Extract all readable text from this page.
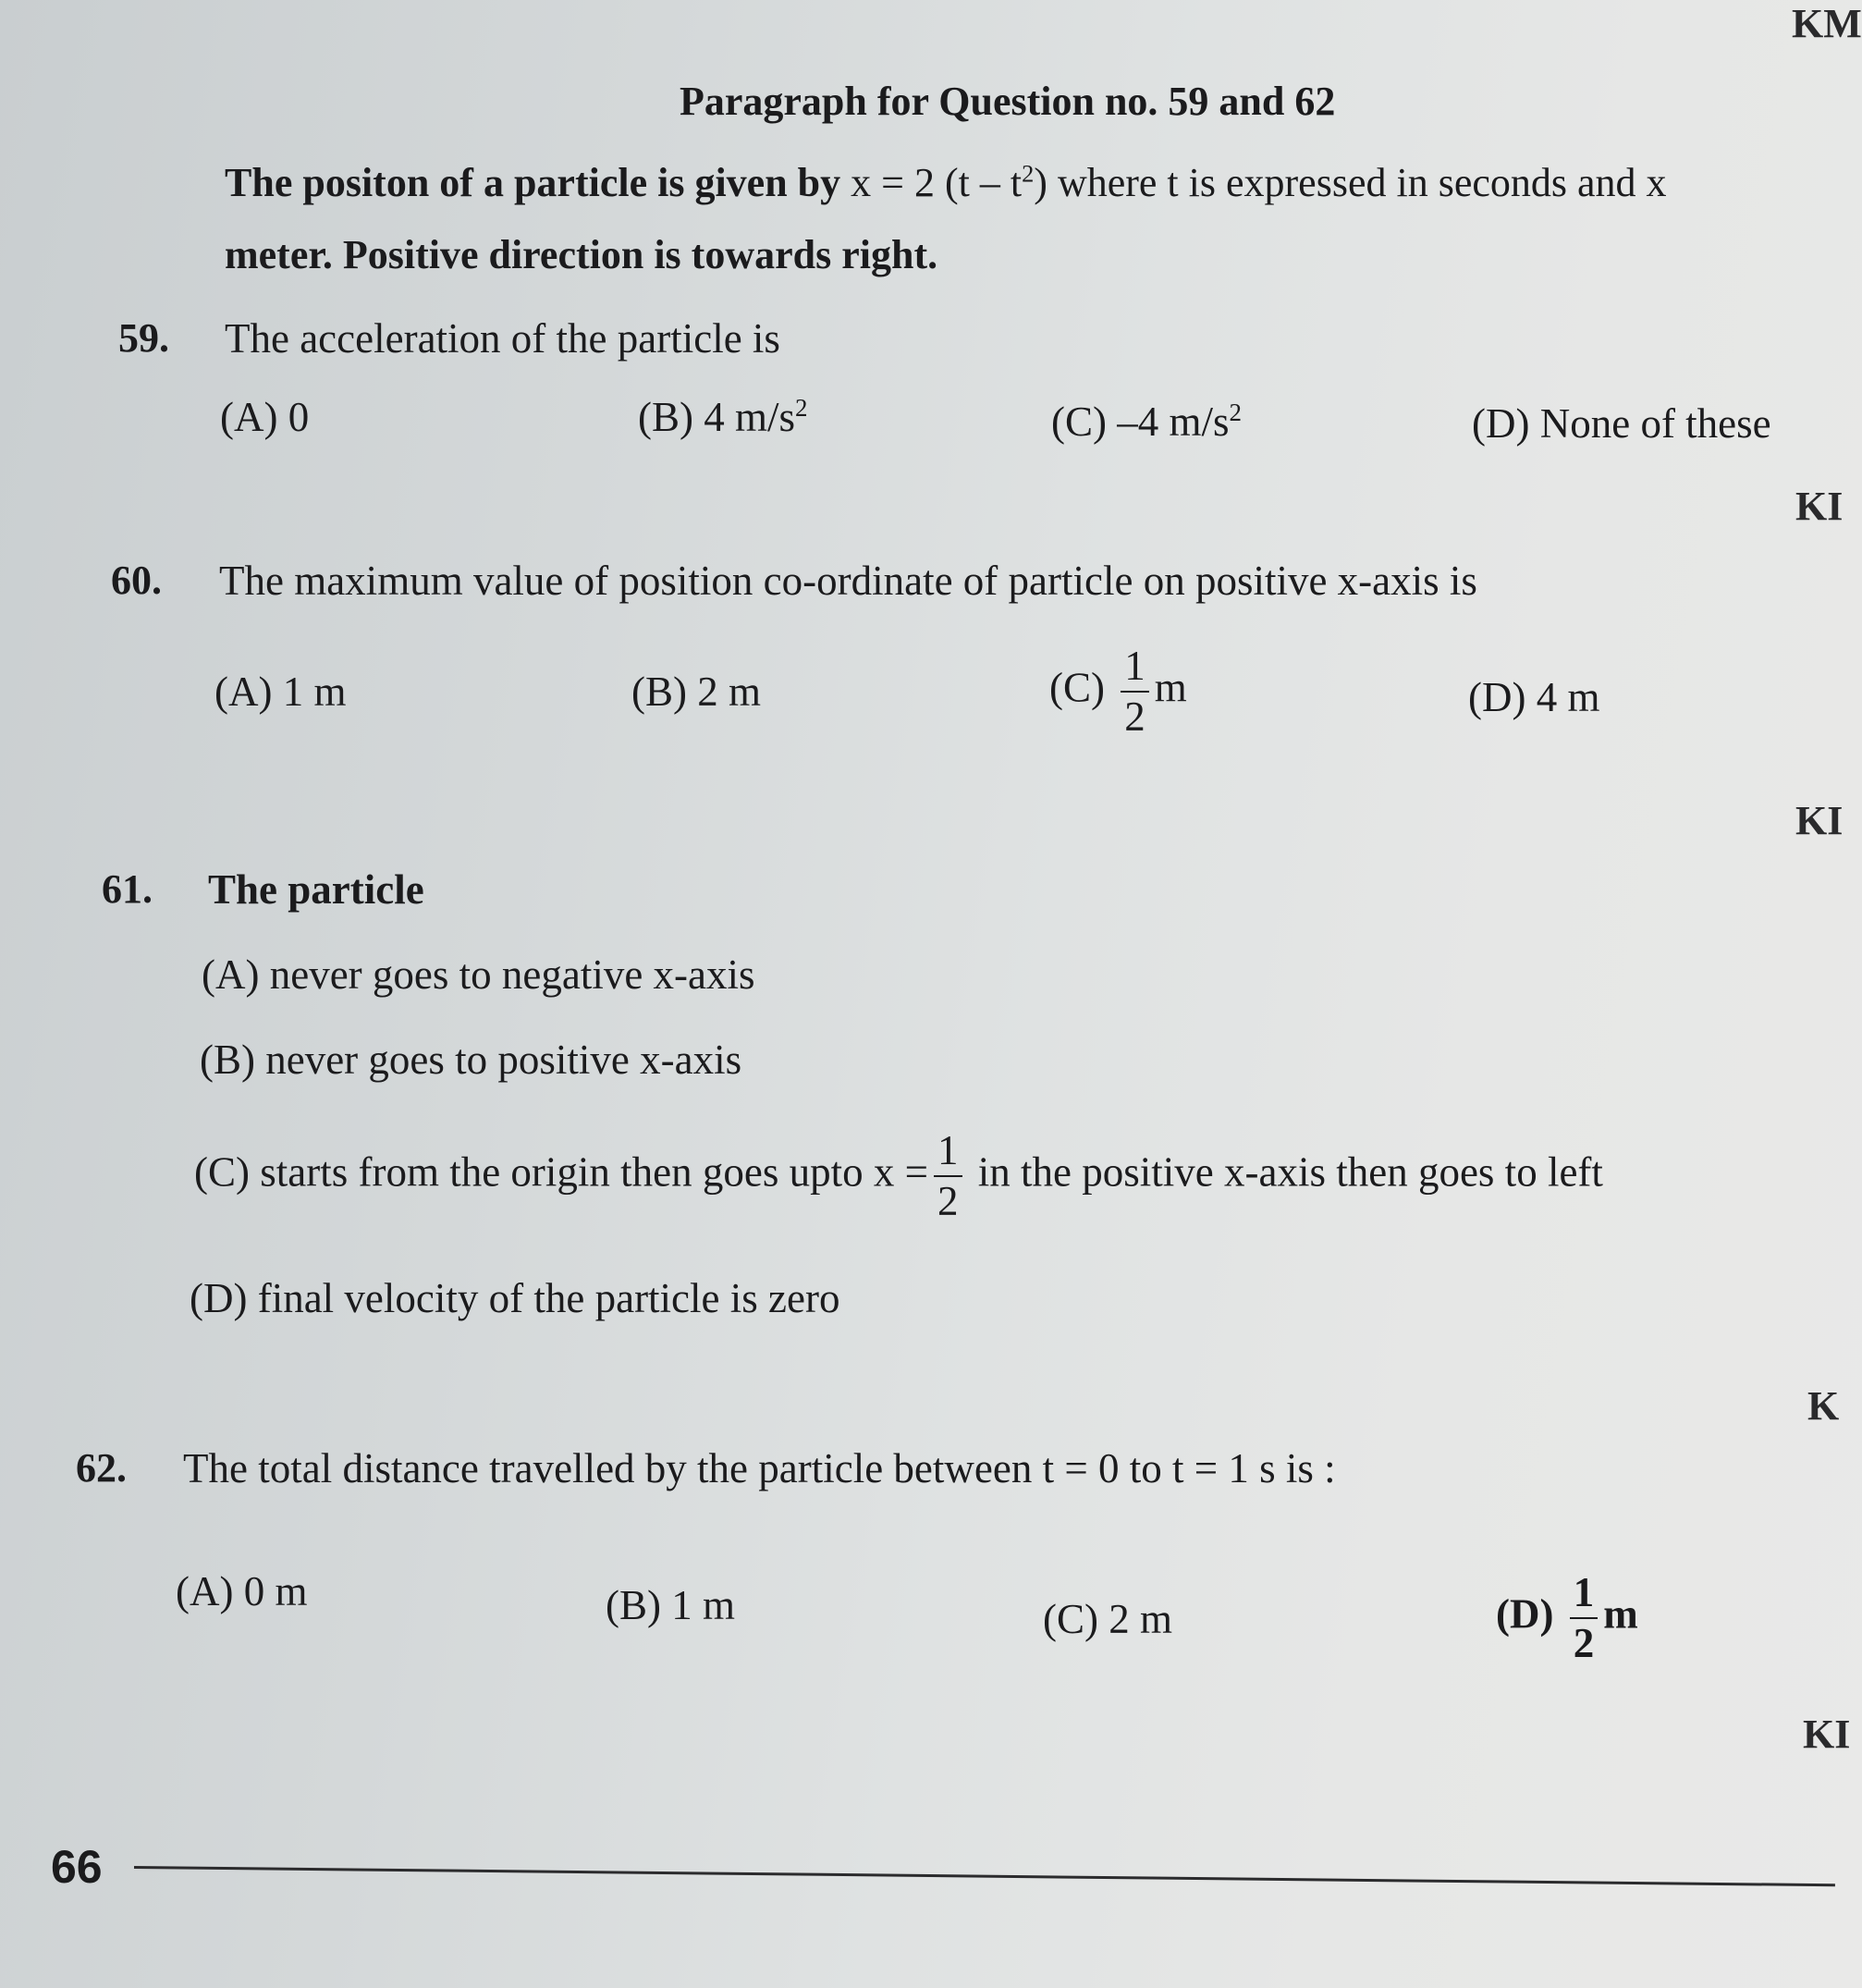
KM
KI
KI
K
KI
Paragraph for Question no. 59 and 62
The positon of a particle is given by x = 2 $(t - t^2)$ where t is expressed in seconds and x
meter. Positive direction is towards right.
59. The acceleration of the particle is
(A) 0	(B) 4 $m/s^2$	(C) –4 $m/s^2$	(D) None of these
60. The maximum value of position co-ordinate of particle on positive x-axis is
(A) 1 m	(B) 2 m	$(C) \frac{1}{2}$ m	(D) 4 m
61. The particle
(A) never goes to negative x-axis
(B) never goes to positive x-axis
(C) starts from the origin then goes upto $x = \frac{1}{2}$ in the positive x-axis then goes to left
(D) final velocity of the particle is zero
62. The total distance travelled by the particle between t = 0 to t = 1 s is :
(A) 0 m	(B) 1 m	(C) 2 m	$(D) \frac{1}{2}$ m
66
